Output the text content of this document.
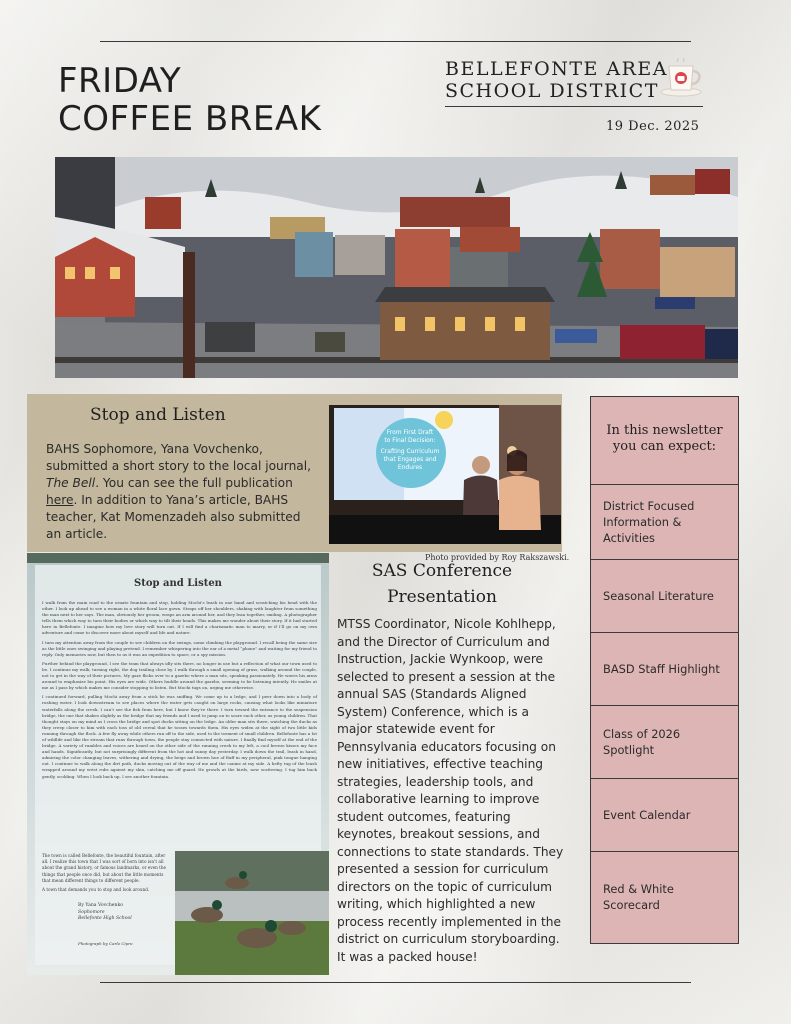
FRIDAY
COFFEE BREAK
BELLEFONTE AREA
SCHOOL DISTRICT
19 Dec. 2025
Stop and Listen
BAHS Sophomore, Yana Vovchenko, submitted a short story to the local journal, The Bell. You can see the full publication here. In addition to Yana’s article, BAHS teacher, Kat Momenzadeh also submitted an article.
From First Draft
to Final Decision:
Crafting Curriculum
that Engages and
Endures
Photo provided by Roy Rakszawski.
Stop and Listen

I walk from the main road to the ornate fountain and stop, holding Mochi’s leash in one hand and scratching his head with the other. I look up ahead to see a woman in a white floral lace gown. Straps off her shoulders, shaking with laughter from something the man next to her says. The man, obviously her groom, wraps an arm around her, and they lean together, smiling. A photographer tells them which way to turn their bodies or which way to tilt their heads. This makes me wonder about their story. If it had started here in Bellefonte. I imagine how my love story will turn out. If I will find a charismatic man to marry, or if I’ll go on my own adventure and come to discover more about myself and life and nature.

I turn my attention away from the couple to see children on the swings, some climbing the playground. I recall being the same size as the little ones swinging and playing pretend. I remember whispering into the ear of a metal “phone” and waiting for my friend to reply. Only memories now, but then to us it was an expedition to space, or a spy mission.

Further behind the playground, I see the tram that always idly sits there, no longer in use but a reflection of what our town used to be. I continue my walk, turning right, the dog trailing close by. I walk through a small opening of grass, walking around the couple, not to get in the way of their pictures. My gaze flicks over to a gazebo where a man sits, speaking passionately. He waves his arms around to emphasize his point. His eyes are wide. Others huddle around the gazebo, seeming to be listening intently. He smiles at me as I pass by which makes me consider stopping to listen. But Mochi tugs on, urging me otherwise.

I continued forward, pulling Mochi away from a stick he was sniffing. We come up to a ledge, and I peer down into a body of rushing water. I look downstream to see places where the water gets caught on large rocks, causing what looks like miniature waterfalls along the creek. I can’t see the fish from here, but I know they’re there. I turn toward the entrance to the suspension bridge, the one that shakes slightly as the bridge that my friends and I used to jump on to scare each other, as young children. That thought stays on my mind as I cross the bridge and spot ducks sitting on the ledge. An older man sits there, watching the ducks as they creep closer to him with each toss of old cereal that he tosses towards them. His eyes widen at the sight of two little kids running through the flock. A few fly away while others run off to the side, used to the torment of small children. Bellefonte has a lot of wildlife and like the stream that runs through town, the people stay connected with nature. I finally find myself at the end of the bridge. A variety of rumbles and voices are heard on the other side of the running creek to my left, a cool breeze kisses my face and hands. Significantly, but not surprisingly different from the hot and sunny day yesterday. I walk down the trail, leash in hand, admiring the color changing leaves, withering and drying, the beige and brown hue of fluff in my peripheral, pink tongue hanging out. I continue to walk along the dirt path, ducks moving out of the way of me and the canine at my side. A hefty tug of the leash wrapped around my wrist rubs against my skin, catching me off guard. He growls at the birds, now scattering. I tug him back gently, scolding. When I look back up, I see another fountain.

The town is called Bellefonte, the beautiful fountain, after all. I realize this town that I was sort of born into isn’t all about the grand history, or famous landmarks, or even the things that people once did, but about the little moments that mean different things to different people.

A town that demands you to stop and look around.

By Yana Vovchenko
Sophomore
Bellefonte High School
Photograph by Carlo Cipro
SAS Conference
Presentation
MTSS Coordinator, Nicole Kohlhepp, and the Director of Curriculum and Instruction, Jackie Wynkoop, were selected to present a session at the annual SAS (Standards Aligned System) Conference, which is a major statewide event for Pennsylvania educators focusing on new initiatives, effective teaching strategies, leadership tools, and collaborative learning to improve student outcomes, featuring keynotes, breakout sessions, and connections to state standards. They presented a session for curriculum directors on the topic of curriculum writing, which highlighted a new process recently implemented in the district on curriculum storyboarding. It was a packed house!
In this newsletter
you can expect:
District Focused Information & Activities
Seasonal Literature
BASD Staff Highlight
Class of 2026 Spotlight
Event Calendar
Red & White Scorecard
